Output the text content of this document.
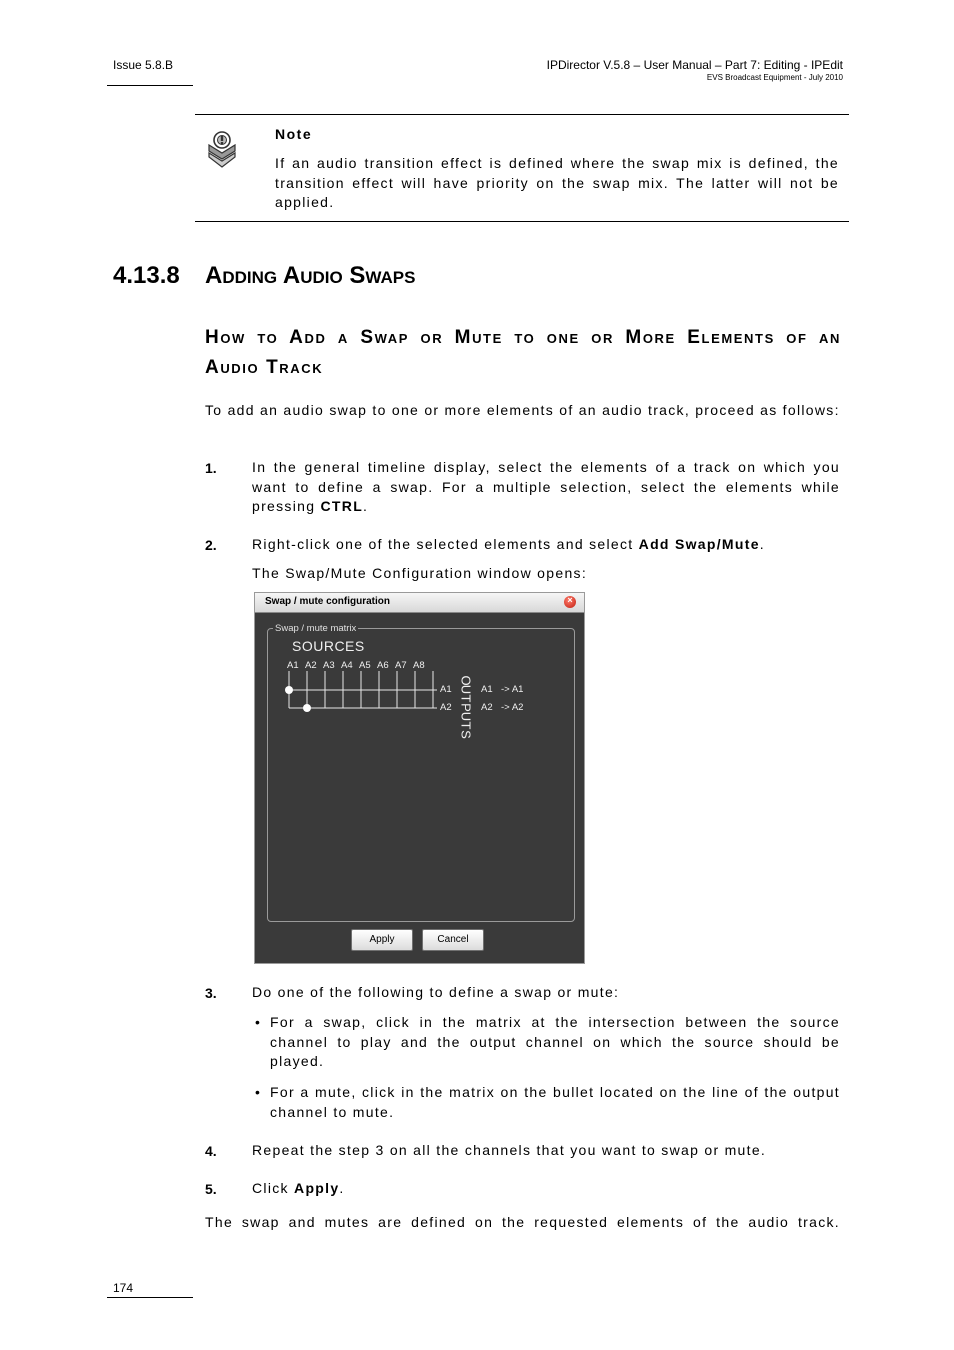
Issue 5.8.B	IPDirector V.5.8 – User Manual – Part 7: Editing - IPEdit
EVS Broadcast Equipment - July 2010
Note
If an audio transition effect is defined where the swap mix is defined, the transition effect will have priority on the swap mix. The latter will not be applied.
4.13.8 Adding Audio Swaps
How to Add a Swap or Mute to one or More Elements of an Audio Track
To add an audio swap to one or more elements of an audio track, proceed as follows:
1.	In the general timeline display, select the elements of a track on which you want to define a swap. For a multiple selection, select the elements while pressing CTRL.
2.	Right-click one of the selected elements and select Add Swap/Mute.
The Swap/Mute Configuration window opens:
Swap / mute configuration	×
Swap / mute matrix
SOURCES
A1 A2 A3 A4 A5 A6 A7 A8
A1
A2
A1 -> A1
A2 -> A2
O
U
T
P
U
T
S
Apply	Cancel
3.	Do one of the following to define a swap or mute:
• For a swap, click in the matrix at the intersection between the source channel to play and the output channel on which the source should be played.
• For a mute, click in the matrix on the bullet located on the line of the output channel to mute.
4.	Repeat the step 3 on all the channels that you want to swap or mute.
5.	Click Apply.
The swap and mutes are defined on the requested elements of the audio track.
174
